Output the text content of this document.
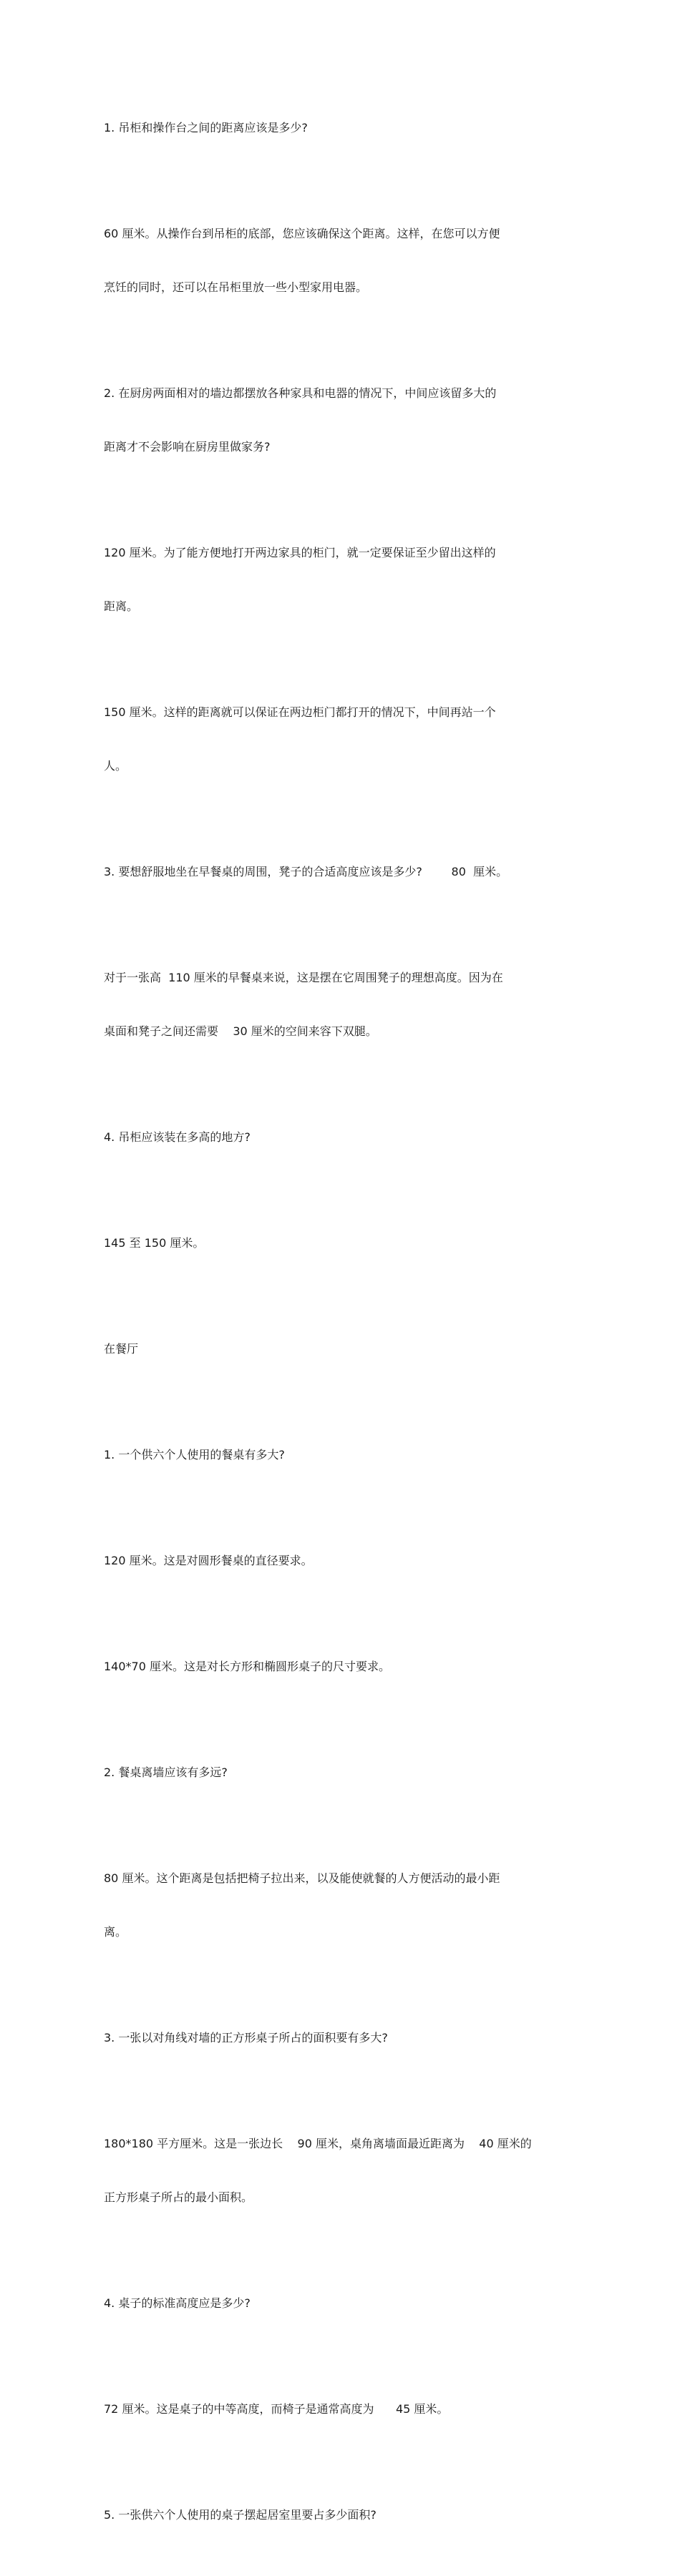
1. 吊柜和操作台之间的距离应该是多少?

60 厘米。从操作台到吊柜的底部，您应该确保这个距离。这样，在您可以方便

烹饪的同时，还可以在吊柜里放一些小型家用电器。

2. 在厨房两面相对的墙边都摆放各种家具和电器的情况下，中间应该留多大的

距离才不会影响在厨房里做家务?

120 厘米。为了能方便地打开两边家具的柜门，就一定要保证至少留出这样的

距离。

150 厘米。这样的距离就可以保证在两边柜门都打开的情况下，中间再站一个

人。

3. 要想舒服地坐在早餐桌的周围，凳子的合适高度应该是多少?        80  厘米。

对于一张高  110 厘米的早餐桌来说，这是摆在它周围凳子的理想高度。因为在

桌面和凳子之间还需要    30 厘米的空间来容下双腿。

4. 吊柜应该装在多高的地方?

145 至 150 厘米。

在餐厅

1. 一个供六个人使用的餐桌有多大?

120 厘米。这是对圆形餐桌的直径要求。

140*70 厘米。这是对长方形和椭圆形桌子的尺寸要求。

2. 餐桌离墙应该有多远?

80 厘米。这个距离是包括把椅子拉出来，以及能使就餐的人方便活动的最小距

离。

3. 一张以对角线对墙的正方形桌子所占的面积要有多大?

180*180 平方厘米。这是一张边长    90 厘米，桌角离墙面最近距离为    40 厘米的

正方形桌子所占的最小面积。

4. 桌子的标准高度应是多少?

72 厘米。这是桌子的中等高度，而椅子是通常高度为      45 厘米。

5. 一张供六个人使用的桌子摆起居室里要占多少面积?
